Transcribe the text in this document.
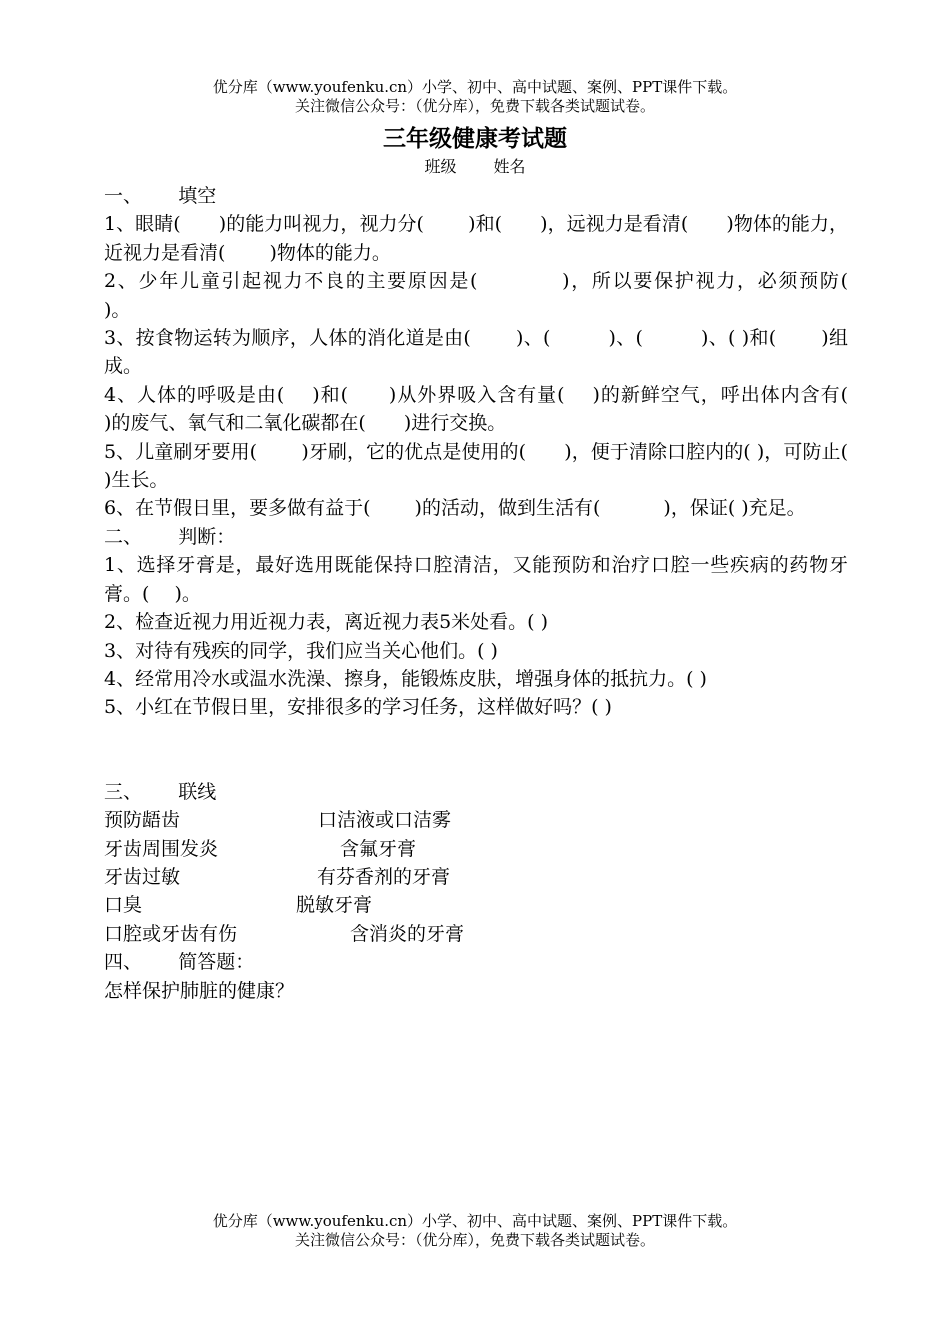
优分库（www.youfenku.cn）小学、初中、高中试题、案例、PPT课件下载。
关注微信公众号：（优分库），免费下载各类试题试卷。
三年级健康考试题
班级 姓名
一、      填空
1、眼睛(　　)的能力叫视力，视力分(　　 )和(　　)，远视力是看清(　　)物体的能力，近视力是看清(　　 )物体的能力。
2、少年儿童引起视力不良的主要原因是(　　　　)，所以要保护视力，必须预防(　　 )。
3、按食物运转为顺序，人体的消化道是由(　　 )、(　　　)、(　　　)、( )和(　　 )组成。
4、人体的呼吸是由(　 )和(　　)从外界吸入含有量(　 )的新鲜空气，呼出体内含有(　　 )的废气、氧气和二氧化碳都在(　　)进行交换。
5、儿童刷牙要用(　　 )牙刷，它的优点是使用的(　　)，便于清除口腔内的( )，可防止(　　 )生长。
6、在节假日里，要多做有益于(　　 )的活动，做到生活有(　　　 )，保证( )充足。
二、      判断：
1、选择牙膏是，最好选用既能保持口腔清洁，又能预防和治疗口腔一些疾病的药物牙膏。(　 )。
2、检查近视力用近视力表，离近视力表5米处看。( )
3、对待有残疾的同学，我们应当关心他们。( )
4、经常用冷水或温水洗澡、擦身，能锻炼皮肤，增强身体的抵抗力。( )
5、小红在节假日里，安排很多的学习任务，这样做好吗？( )
三、      联线
预防龉齿	口洁液或口洁雾
牙齿周围发炎	含氟牙膏
牙齿过敏	有芬香剂的牙膏
口臭	脱敏牙膏
口腔或牙齿有伤	含消炎的牙膏
四、      简答题：
怎样保护肺脏的健康？
优分库（www.youfenku.cn）小学、初中、高中试题、案例、PPT课件下载。
关注微信公众号：（优分库），免费下载各类试题试卷。
